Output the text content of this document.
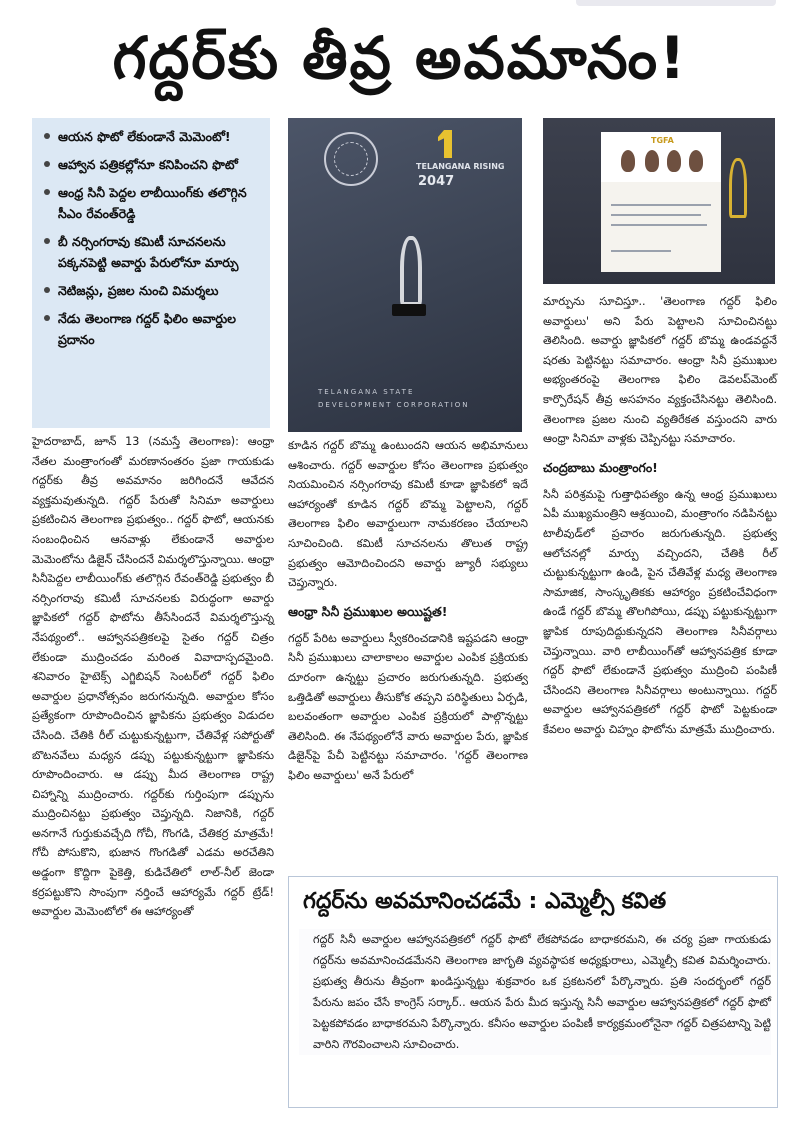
గద్దర్‌కు తీవ్ర అవమానం!
ఆయన ఫొటో లేకుండానే మెమెంటో!
ఆహ్వాన పత్రికల్లోనూ కనిపించని ఫొటో
ఆంధ్ర సినీ పెద్దల లాబీయింగ్‌కు తలొగ్గిన సీఎం రేవంత్‌రెడ్డి
బీ నర్సింగరావు కమిటీ సూచనలను పక్కనపెట్టి అవార్డు పేరులోనూ మార్పు
నెటిజన్లు, ప్రజల నుంచి విమర్శలు
నేడు తెలంగాణ గద్దర్ ఫిలిం అవార్డుల ప్రదానం
TELANGANA RISING
2047
TELANGANA STATE
DEVELOPMENT CORPORATION
TGFA

హైదరాబాద్, జూన్ 13 (నమస్తే తెలంగాణ): ఆంధ్రా నేతల మంత్రాంగంతో మరణానంతరం ప్రజా గాయకుడు గద్దర్‌కు తీవ్ర అవమానం జరిగిందనే ఆవేదన వ్యక్తమవుతున్నది. గద్దర్ పేరుతో సినిమా అవార్డులు ప్రకటించిన తెలంగాణ ప్రభుత్వం.. గద్దర్ ఫొటో, ఆయనకు సంబంధించిన ఆనవాళ్లు లేకుండానే అవార్డుల మెమెంటోను డిజైన్ చేసిందనే విమర్శలొస్తున్నాయి. ఆంధ్రా సినీపెద్దల లాబీయింగ్‌కు తలొగ్గిన రేవంత్‌రెడ్డి ప్రభుత్వం బీ నర్సింగరావు కమిటీ సూచనలకు విరుద్ధంగా అవార్డు జ్ఞాపికలో గద్దర్ ఫొటోను తీసేసిందనే విమర్శలొస్తున్న నేపథ్యంలో.. ఆహ్వానపత్రికలపై సైతం గద్దర్ చిత్రం లేకుండా ముద్రించడం మరింత వివాదాస్పదమైంది. శనివారం హైటెక్స్ ఎగ్జిబిషన్ సెంటర్‌లో గద్దర్ ఫిలిం అవార్డుల ప్రధానోత్సవం జరుగనున్నది. అవార్డుల కోసం ప్రత్యేకంగా రూపొందించిన జ్ఞాపికను ప్రభుత్వం విడుదల చేసింది. చేతికి రీల్ చుట్టుకున్నట్టుగా, చేతివేళ్ల సపోర్టుతో బొటనవేలు మధ్యన డప్పు పట్టుకున్నట్టుగా జ్ఞాపికను రూపొందించారు. ఆ డప్పు మీద తెలంగాణ రాష్ట్ర చిహ్నాన్ని ముద్రించారు. గద్దర్‌కు గుర్తింపుగా డప్పును ముద్రించినట్టు ప్రభుత్వం చెప్తున్నది. నిజానికి, గద్దర్ అనగానే గుర్తుకువచ్చేది గోచీ, గొంగడి, చేతికర్ర మాత్రమే! గోచీ పోసుకొని, భుజాన గొంగడితో ఎడమ అరచేతిని అడ్డంగా కొద్దిగా పైకెత్తి, కుడిచేతిలో లాల్-నీల్ జెండా కర్రపట్టుకొని సొంపుగా నర్తించే ఆహార్యమే గద్దర్ ట్రేడ్! అవార్డుల మెమెంటోలో ఈ ఆహార్యంతో

కూడిన గద్దర్ బొమ్మ ఉంటుందని ఆయన అభిమానులు ఆశించారు. గద్దర్ అవార్డుల కోసం తెలంగాణ ప్రభుత్వం నియమించిన నర్సింగరావు కమిటీ కూడా జ్ఞాపికలో ఇదే ఆహార్యంతో కూడిన గద్దర్ బొమ్మ పెట్టాలని, గద్దర్ తెలంగాణ ఫిలిం అవార్డులుగా నామకరణం చేయాలని సూచించింది. కమిటీ సూచనలను తొలుత రాష్ట్ర ప్రభుత్వం ఆమోదించిందని అవార్డు జ్యూరీ సభ్యులు చెప్తున్నారు.

ఆంధ్రా సినీ ప్రముఖుల అయిష్టత!

గద్దర్ పేరిట అవార్డులు స్వీకరించడానికి ఇష్టపడని ఆంధ్రా సినీ ప్రముఖులు చాలాకాలం అవార్డుల ఎంపిక ప్రక్రియకు దూరంగా ఉన్నట్టు ప్రచారం జరుగుతున్నది. ప్రభుత్వ ఒత్తిడితో అవార్డులు తీసుకోక తప్పని పరిస్థితులు ఏర్పడి, బలవంతంగా అవార్డుల ఎంపిక ప్రక్రియలో పాల్గొన్నట్టు తెలిసింది. ఈ నేపథ్యంలోనే వారు అవార్డుల పేరు, జ్ఞాపిక డిజైన్‌పై పేచీ పెట్టినట్టు సమాచారం. 'గద్దర్ తెలంగాణ ఫిలిం అవార్డులు' అనే పేరులో

మార్పును సూచిస్తూ.. 'తెలంగాణ గద్దర్ ఫిలిం అవార్డులు' అని పేరు పెట్టాలని సూచించినట్టు తెలిసింది. అవార్డు జ్ఞాపికలో గద్దర్ బొమ్మ ఉండవద్దనే షరతు పెట్టినట్టు సమాచారం. ఆంధ్రా సినీ ప్రముఖుల అభ్యంతరంపై తెలంగాణ ఫిలిం డెవలప్‌మెంట్ కార్పొరేషన్ తీవ్ర అసహనం వ్యక్తంచేసినట్టు తెలిసింది. తెలంగాణ ప్రజల నుంచి వ్యతిరేకత వస్తుందని వారు ఆంధ్రా సినిమా వాళ్లకు చెప్పినట్టు సమాచారం.

చంద్రబాబు మంత్రాంగం!

సినీ పరిశ్రమపై గుత్తాధిపత్యం ఉన్న ఆంధ్ర ప్రముఖులు ఏపీ ముఖ్యమంత్రిని ఆశ్రయించి, మంత్రాంగం నడిపినట్టు టాలీవుడ్‌లో ప్రచారం జరుగుతున్నది. ప్రభుత్వ ఆలోచనల్లో మార్పు వచ్చిందని, చేతికి రీల్ చుట్టుకున్నట్టుగా ఉండి, పైన చేతివేళ్ల మధ్య తెలంగాణ సామాజిక, సాంస్కృతికకు ఆహార్యం ప్రకటించేవిధంగా ఉండే గద్దర్ బొమ్మ తొలగిపోయి, డప్పు పట్టుకున్నట్టుగా జ్ఞాపిక రూపుదిద్దుకున్నదని తెలంగాణ సినీవర్గాలు చెప్తున్నాయి. వారి లాబీయింగ్‌తో ఆహ్వానపత్రిక కూడా గద్దర్ ఫొటో లేకుండానే ప్రభుత్వం ముద్రించి పంపిణీ చేసిందని తెలంగాణ సినీవర్గాలు అంటున్నాయి. గద్దర్ అవార్డుల ఆహ్వానపత్రికలో గద్దర్ ఫొటో పెట్టకుండా కేవలం అవార్డు చిహ్నం ఫొటోను మాత్రమే ముద్రించారు.

గద్దర్‌ను అవమానించడమే : ఎమ్మెల్సీ కవిత

గద్దర్ సినీ అవార్డుల ఆహ్వానపత్రికలో గద్దర్ ఫొటో లేకపోవడం బాధాకరమని, ఈ చర్య ప్రజా గాయకుడు గద్దర్‌ను అవమానించడమేనని తెలంగాణ జాగృతి వ్యవస్థాపక అధ్యక్షురాలు, ఎమ్మెల్సీ కవిత విమర్శించారు. ప్రభుత్వ తీరును తీవ్రంగా ఖండిస్తున్నట్టు శుక్రవారం ఒక ప్రకటనలో పేర్కొన్నారు. ప్రతి సందర్భంలో గద్దర్ పేరును జపం చేసే కాంగ్రెస్ సర్కార్.. ఆయన పేరు మీద ఇస్తున్న సినీ అవార్డుల ఆహ్వానపత్రికలో గద్దర్ ఫొటో పెట్టకపోవడం బాధాకరమని పేర్కొన్నారు. కనీసం అవార్డుల పంపిణీ కార్యక్రమంలోనైనా గద్దర్ చిత్రపటాన్ని పెట్టి వారిని గౌరవించాలని సూచించారు.
